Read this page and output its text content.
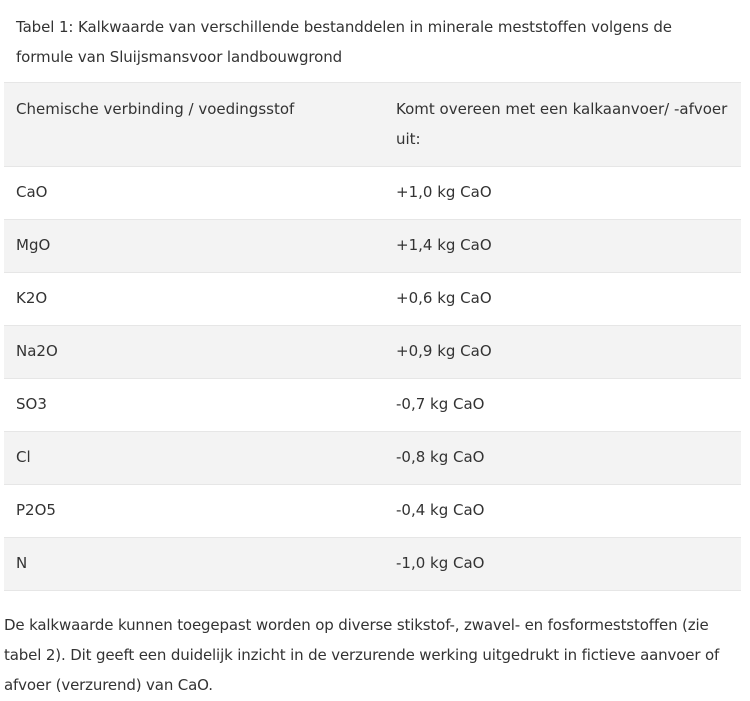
Tabel 1: Kalkwaarde van verschillende bestanddelen in minerale meststoffen volgens de formule van Sluijsmansvoor landbouwgrond
Chemische verbinding / voedingsstof	Komt overeen met een kalkaanvoer/ -afvoer uit:
CaO	+1,0 kg CaO
MgO	+1,4 kg CaO
K2O	+0,6 kg CaO
Na2O	+0,9 kg CaO
SO3	-0,7 kg CaO
Cl	-0,8 kg CaO
P2O5	-0,4 kg CaO
N	-1,0 kg CaO

De kalkwaarde kunnen toegepast worden op diverse stikstof-, zwavel- en fosformeststoffen (zie tabel 2). Dit geeft een duidelijk inzicht in de verzurende werking uitgedrukt in fictieve aanvoer of afvoer (verzurend) van CaO.
